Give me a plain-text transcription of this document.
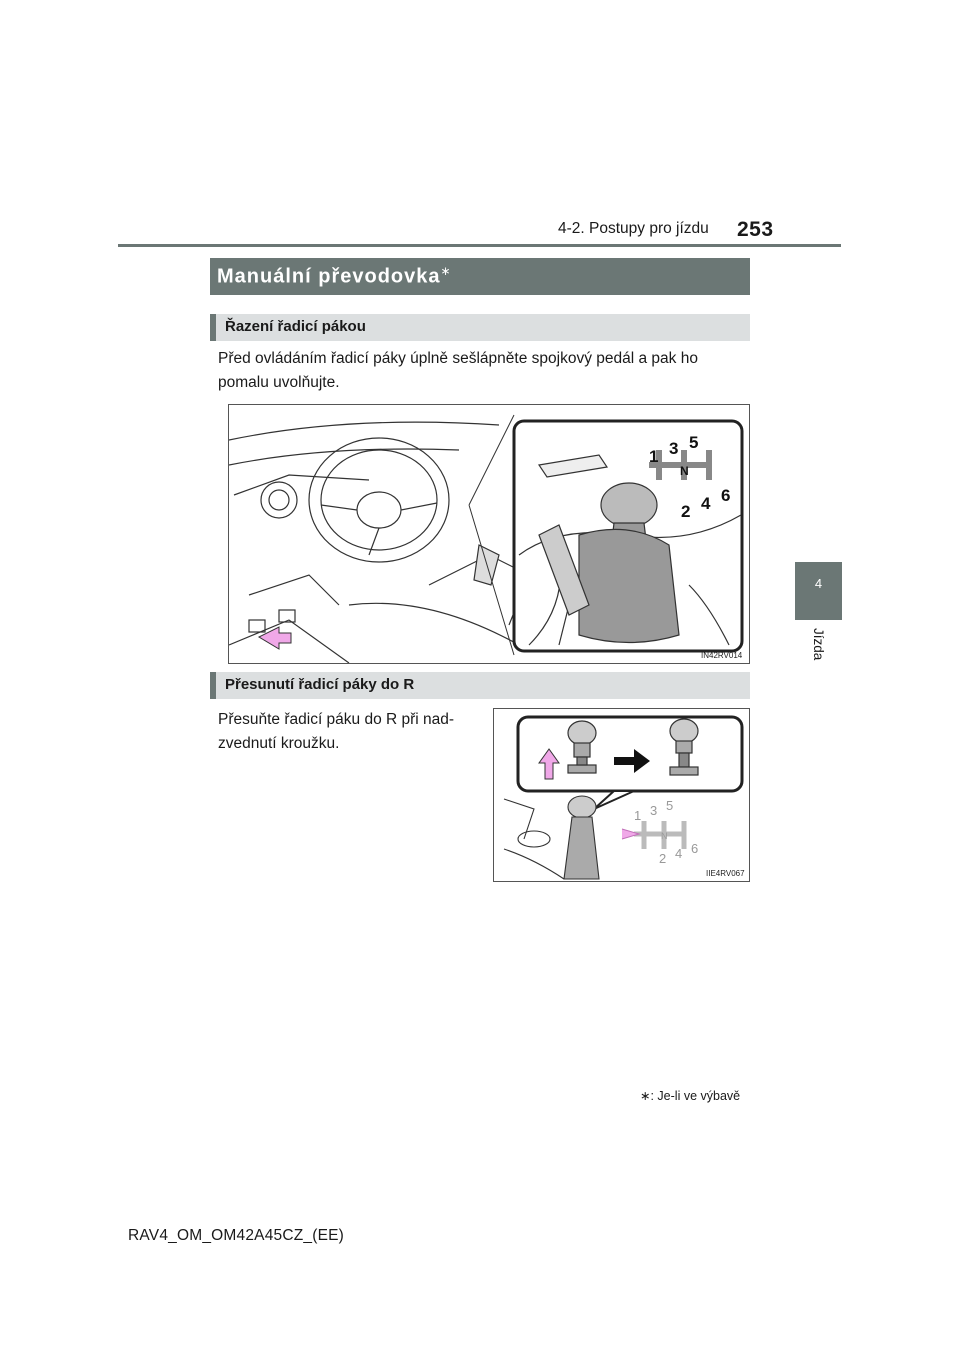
4-2. Postupy pro jízdu 253
4
Jízda
Manuální převodovka∗
Řazení řadicí pákou
Před ovládáním řadicí páky úplně sešlápněte spojkový pedál a pak ho
pomalu uvolňujte.
1 3 5
N
2 4 6
IN42RV014
Přesunutí řadicí páky do R
Přesuňte řadicí páku do R při nad-
zvednutí kroužku.
1 3 5
N
2 4 6
IIE4RV067
∗: Je-li ve výbavě
RAV4_OM_OM42A45CZ_(EE)
